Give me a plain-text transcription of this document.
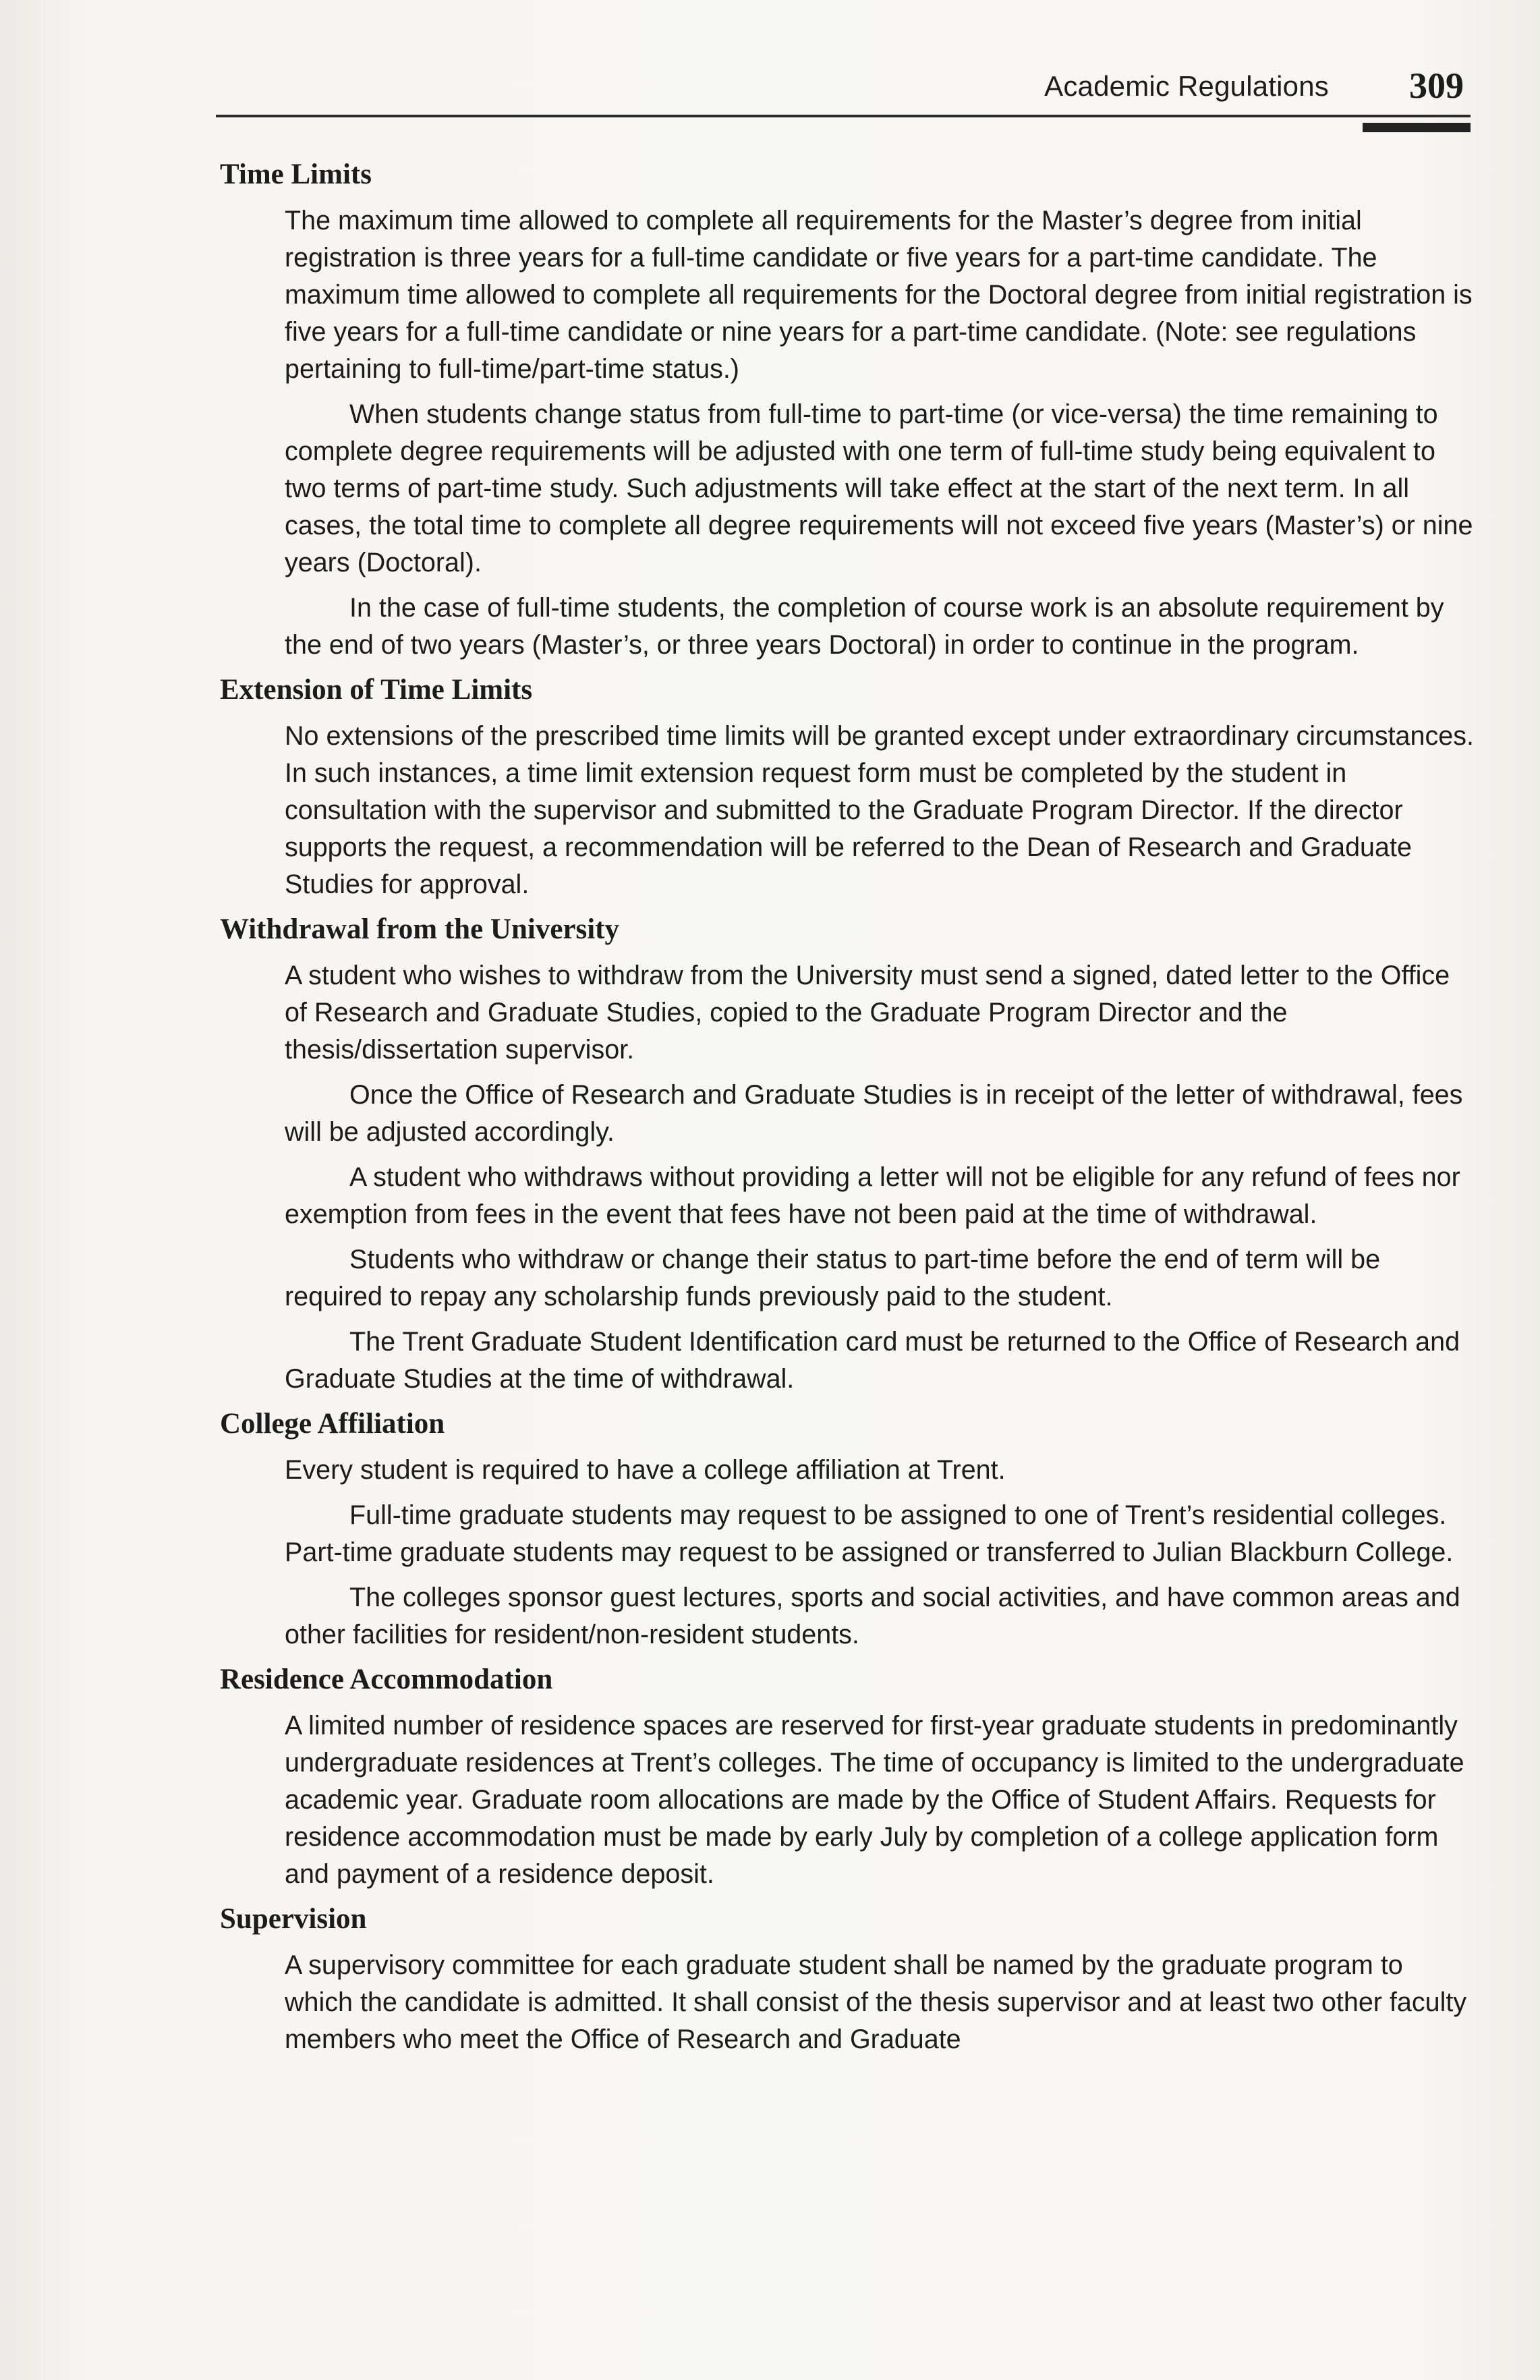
Academic Regulations 309
Time Limits

The maximum time allowed to complete all requirements for the Master’s degree from initial registration is three years for a full-time candidate or five years for a part-time candidate. The maximum time allowed to complete all requirements for the Doctoral degree from initial registration is five years for a full-time candidate or nine years for a part-time candidate. (Note: see regulations pertaining to full-time/part-time status.)

When students change status from full-time to part-time (or vice-versa) the time remaining to complete degree requirements will be adjusted with one term of full-time study being equivalent to two terms of part-time study. Such adjustments will take effect at the start of the next term. In all cases, the total time to complete all degree requirements will not exceed five years (Master’s) or nine years (Doctoral).

In the case of full-time students, the completion of course work is an absolute requirement by the end of two years (Master’s, or three years Doctoral) in order to continue in the program.

Extension of Time Limits

No extensions of the prescribed time limits will be granted except under extraordinary circumstances. In such instances, a time limit extension request form must be completed by the student in consultation with the supervisor and submitted to the Graduate Program Director. If the director supports the request, a recommendation will be referred to the Dean of Research and Graduate Studies for approval.

Withdrawal from the University

A student who wishes to withdraw from the University must send a signed, dated letter to the Office of Research and Graduate Studies, copied to the Graduate Program Director and the thesis/dissertation supervisor.

Once the Office of Research and Graduate Studies is in receipt of the letter of withdrawal, fees will be adjusted accordingly.

A student who withdraws without providing a letter will not be eligible for any refund of fees nor exemption from fees in the event that fees have not been paid at the time of withdrawal.

Students who withdraw or change their status to part-time before the end of term will be required to repay any scholarship funds previously paid to the student.

The Trent Graduate Student Identification card must be returned to the Office of Research and Graduate Studies at the time of withdrawal.

College Affiliation

Every student is required to have a college affiliation at Trent.

Full-time graduate students may request to be assigned to one of Trent’s residential colleges. Part-time graduate students may request to be assigned or transferred to Julian Blackburn College.

The colleges sponsor guest lectures, sports and social activities, and have common areas and other facilities for resident/non-resident students.

Residence Accommodation

A limited number of residence spaces are reserved for first-year graduate students in predominantly undergraduate residences at Trent’s colleges. The time of occupancy is limited to the undergraduate academic year. Graduate room allocations are made by the Office of Student Affairs. Requests for residence accommodation must be made by early July by completion of a college application form and payment of a residence deposit.

Supervision

A supervisory committee for each graduate student shall be named by the graduate program to which the candidate is admitted. It shall consist of the thesis supervisor and at least two other faculty members who meet the Office of Research and Graduate
